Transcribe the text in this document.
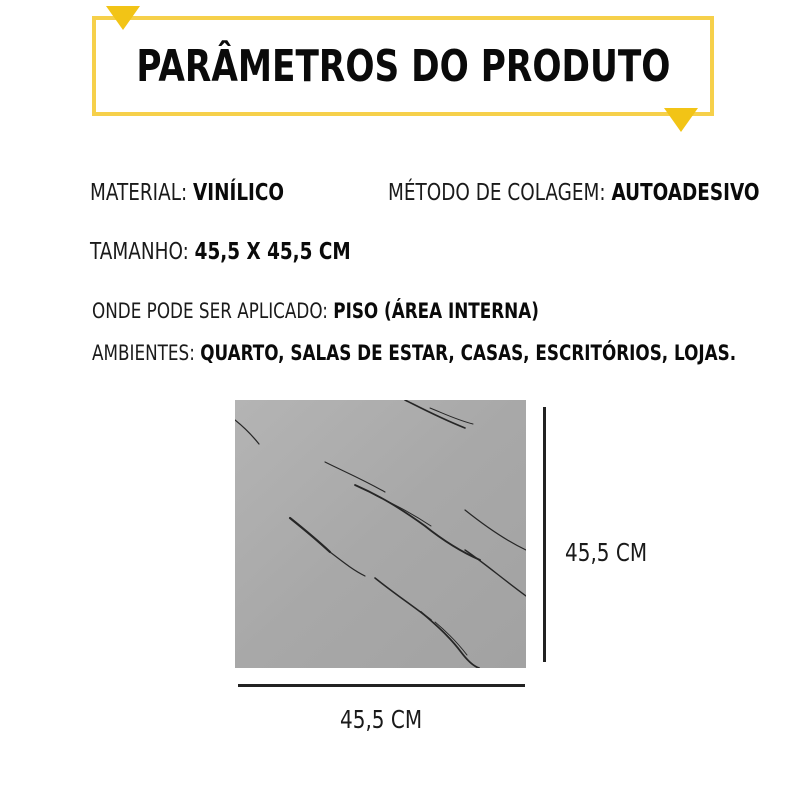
PARÂMETROS DO PRODUTO
MATERIAL: VINÍLICO	MÉTODO DE COLAGEM: AUTOADESIVO
TAMANHO: 45,5 X 45,5 CM
ONDE PODE SER APLICADO: PISO (ÁREA INTERNA)
AMBIENTES: QUARTO, SALAS DE ESTAR, CASAS, ESCRITÓRIOS, LOJAS.
45,5 CM
45,5 CM
